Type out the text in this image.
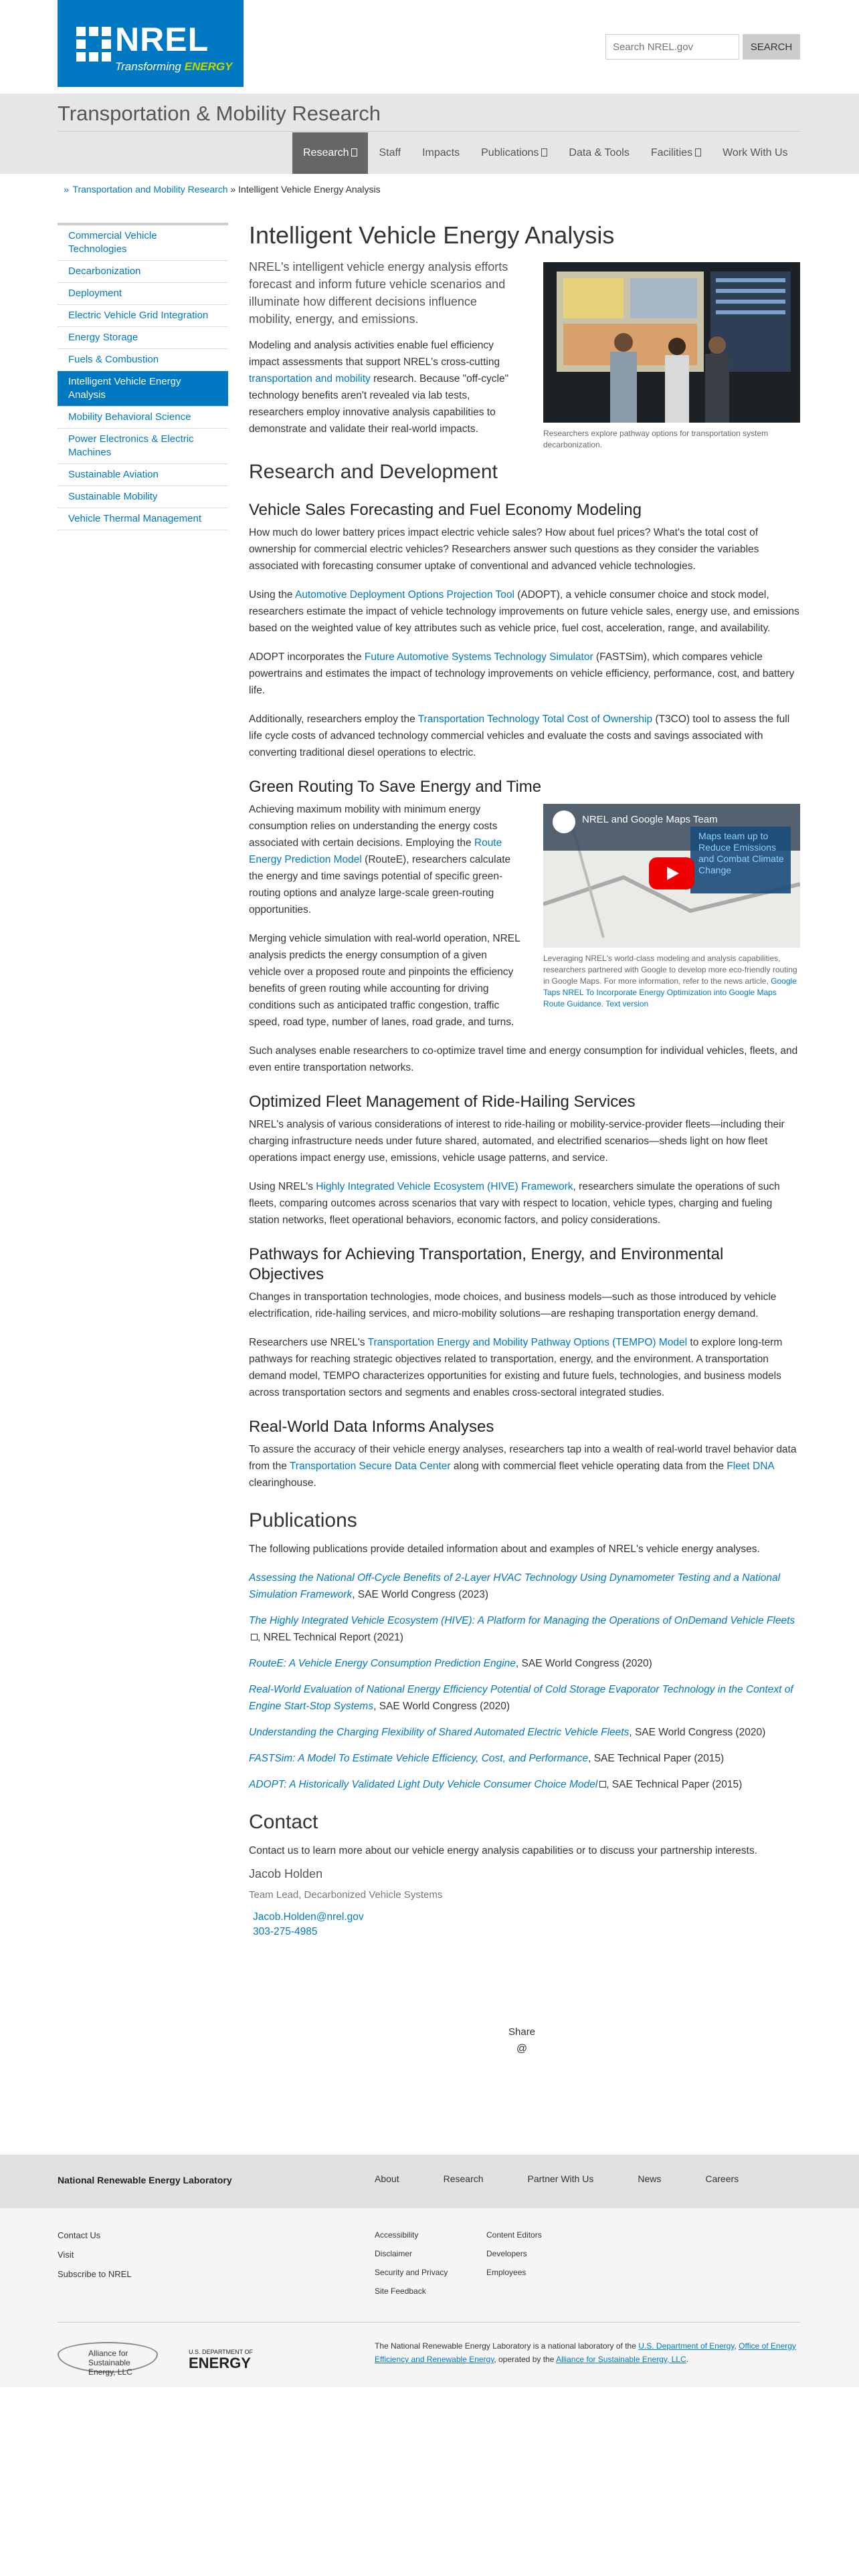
NREL
Transforming ENERGY
Search NREL.gov
SEARCH
Transportation & Mobility Research
Research	Staff	Impacts	Publications	Data & Tools	Facilities	Work With Us
» Transportation and Mobility Research » Intelligent Vehicle Energy Analysis
Commercial Vehicle Technologies
Decarbonization
Deployment
Electric Vehicle Grid Integration
Energy Storage
Fuels & Combustion
Intelligent Vehicle Energy Analysis
Mobility Behavioral Science
Power Electronics & Electric Machines
Sustainable Aviation
Sustainable Mobility
Vehicle Thermal Management
Intelligent Vehicle Energy Analysis
Researchers explore pathway options for transportation system decarbonization.

NREL's intelligent vehicle energy analysis efforts forecast and inform future vehicle scenarios and illuminate how different decisions influence mobility, energy, and emissions.

Modeling and analysis activities enable fuel efficiency impact assessments that support NREL's cross-cutting transportation and mobility research. Because "off-cycle" technology benefits aren't revealed via lab tests, researchers employ innovative analysis capabilities to demonstrate and validate their real-world impacts.

Research and Development
Vehicle Sales Forecasting and Fuel Economy Modeling

How much do lower battery prices impact electric vehicle sales? How about fuel prices? What's the total cost of ownership for commercial electric vehicles? Researchers answer such questions as they consider the variables associated with forecasting consumer uptake of conventional and advanced vehicle technologies.

Using the Automotive Deployment Options Projection Tool (ADOPT), a vehicle consumer choice and stock model, researchers estimate the impact of vehicle technology improvements on future vehicle sales, energy use, and emissions based on the weighted value of key attributes such as vehicle price, fuel cost, acceleration, range, and availability.

ADOPT incorporates the Future Automotive Systems Technology Simulator (FASTSim), which compares vehicle powertrains and estimates the impact of technology improvements on vehicle efficiency, performance, cost, and battery life.

Additionally, researchers employ the Transportation Technology Total Cost of Ownership (T3CO) tool to assess the full life cycle costs of advanced technology commercial vehicles and evaluate the costs and savings associated with converting traditional diesel operations to electric.

Green Routing To Save Energy and Time
NREL and Google Maps Team
Maps team up to Reduce Emissions and Combat Climate Change
Leveraging NREL's world-class modeling and analysis capabilities, researchers partnered with Google to develop more eco-friendly routing in Google Maps. For more information, refer to the news article, Google Taps NREL To Incorporate Energy Optimization into Google Maps Route Guidance. Text version

Achieving maximum mobility with minimum energy consumption relies on understanding the energy costs associated with certain decisions. Employing the Route Energy Prediction Model (RouteE), researchers calculate the energy and time savings potential of specific green-routing options and analyze large-scale green-routing opportunities.

Merging vehicle simulation with real-world operation, NREL analysis predicts the energy consumption of a given vehicle over a proposed route and pinpoints the efficiency benefits of green routing while accounting for driving conditions such as anticipated traffic congestion, traffic speed, road type, number of lanes, road grade, and turns.

Such analyses enable researchers to co-optimize travel time and energy consumption for individual vehicles, fleets, and even entire transportation networks.

Optimized Fleet Management of Ride-Hailing Services

NREL's analysis of various considerations of interest to ride-hailing or mobility-service-provider fleets—including their charging infrastructure needs under future shared, automated, and electrified scenarios—sheds light on how fleet operations impact energy use, emissions, vehicle usage patterns, and service.

Using NREL's Highly Integrated Vehicle Ecosystem (HIVE) Framework, researchers simulate the operations of such fleets, comparing outcomes across scenarios that vary with respect to location, vehicle types, charging and fueling station networks, fleet operational behaviors, economic factors, and policy considerations.

Pathways for Achieving Transportation, Energy, and Environmental Objectives

Changes in transportation technologies, mode choices, and business models—such as those introduced by vehicle electrification, ride-hailing services, and micro-mobility solutions—are reshaping transportation energy demand.

Researchers use NREL's Transportation Energy and Mobility Pathway Options (TEMPO) Model to explore long-term pathways for reaching strategic objectives related to transportation, energy, and the environment. A transportation demand model, TEMPO characterizes opportunities for existing and future fuels, technologies, and business models across transportation sectors and segments and enables cross-sectoral integrated studies.

Real-World Data Informs Analyses

To assure the accuracy of their vehicle energy analyses, researchers tap into a wealth of real-world travel behavior data from the Transportation Secure Data Center along with commercial fleet vehicle operating data from the Fleet DNA clearinghouse.

Publications

The following publications provide detailed information about and examples of NREL's vehicle energy analyses.

Assessing the National Off-Cycle Benefits of 2-Layer HVAC Technology Using Dynamometer Testing and a National Simulation Framework, SAE World Congress (2023)
The Highly Integrated Vehicle Ecosystem (HIVE): A Platform for Managing the Operations of OnDemand Vehicle Fleets, NREL Technical Report (2021)
RouteE: A Vehicle Energy Consumption Prediction Engine, SAE World Congress (2020)
Real-World Evaluation of National Energy Efficiency Potential of Cold Storage Evaporator Technology in the Context of Engine Start-Stop Systems, SAE World Congress (2020)
Understanding the Charging Flexibility of Shared Automated Electric Vehicle Fleets, SAE World Congress (2020)
FASTSim: A Model To Estimate Vehicle Efficiency, Cost, and Performance, SAE Technical Paper (2015)
ADOPT: A Historically Validated Light Duty Vehicle Consumer Choice Model , SAE Technical Paper (2015)
Contact

Contact us to learn more about our vehicle energy analysis capabilities or to discuss your partnership interests.

Jacob Holden
Team Lead, Decarbonized Vehicle Systems
Jacob.Holden@nrel.gov
303-275-4985
Share
@
National Renewable Energy Laboratory	About	Research	Partner With Us	News	Careers
Contact Us
Visit
Subscribe to NREL
Accessibility
Disclaimer
Security and Privacy
Site Feedback
Content Editors
Developers
Employees
Alliance for Sustainable Energy, LLC
U.S. DEPARTMENT OF
ENERGY
The National Renewable Energy Laboratory is a national laboratory of the U.S. Department of Energy, Office of Energy Efficiency and Renewable Energy, operated by the Alliance for Sustainable Energy, LLC.
